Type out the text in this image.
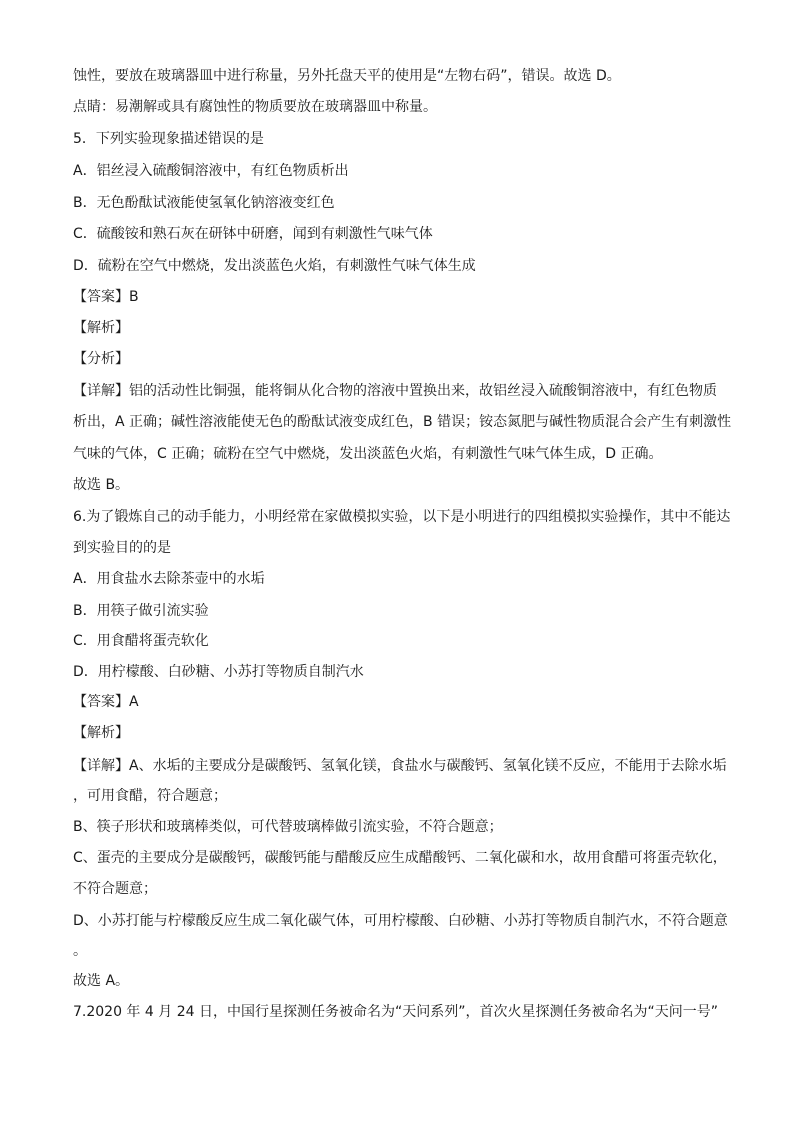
蚀性，要放在玻璃器皿中进行称量，另外托盘天平的使用是“左物右码”，错误。故选 D。
点睛：易潮解或具有腐蚀性的物质要放在玻璃器皿中称量。
5．下列实验现象描述错误的是
A．铝丝浸入硫酸铜溶液中，有红色物质析出
B．无色酚酞试液能使氢氧化钠溶液变红色
C．硫酸铵和熟石灰在研钵中研磨，闻到有刺激性气味气体
D．硫粉在空气中燃烧，发出淡蓝色火焰，有刺激性气味气体生成
【答案】B
【解析】
【分析】
【详解】铝的活动性比铜强，能将铜从化合物的溶液中置换出来，故铝丝浸入硫酸铜溶液中，有红色物质
析出，A 正确；碱性溶液能使无色的酚酞试液变成红色，B 错误；铵态氮肥与碱性物质混合会产生有刺激性
气味的气体，C 正确；硫粉在空气中燃烧，发出淡蓝色火焰，有刺激性气味气体生成，D 正确。
故选 B。
6.为了锻炼自己的动手能力，小明经常在家做模拟实验，以下是小明进行的四组模拟实验操作，其中不能达
到实验目的的是
A．用食盐水去除茶壶中的水垢
B．用筷子做引流实验
C．用食醋将蛋壳软化
D．用柠檬酸、白砂糖、小苏打等物质自制汽水
【答案】A
【解析】
【详解】A、水垢的主要成分是碳酸钙、氢氧化镁，食盐水与碳酸钙、氢氧化镁不反应，不能用于去除水垢
，可用食醋，符合题意；
B、筷子形状和玻璃棒类似，可代替玻璃棒做引流实验，不符合题意；
C、蛋壳的主要成分是碳酸钙，碳酸钙能与醋酸反应生成醋酸钙、二氧化碳和水，故用食醋可将蛋壳软化，
不符合题意；
D、小苏打能与柠檬酸反应生成二氧化碳气体，可用柠檬酸、白砂糖、小苏打等物质自制汽水，不符合题意
。
故选 A。
7.2020 年 4 月 24 日，中国行星探测任务被命名为“天问系列”，首次火星探测任务被命名为“天问一号”
